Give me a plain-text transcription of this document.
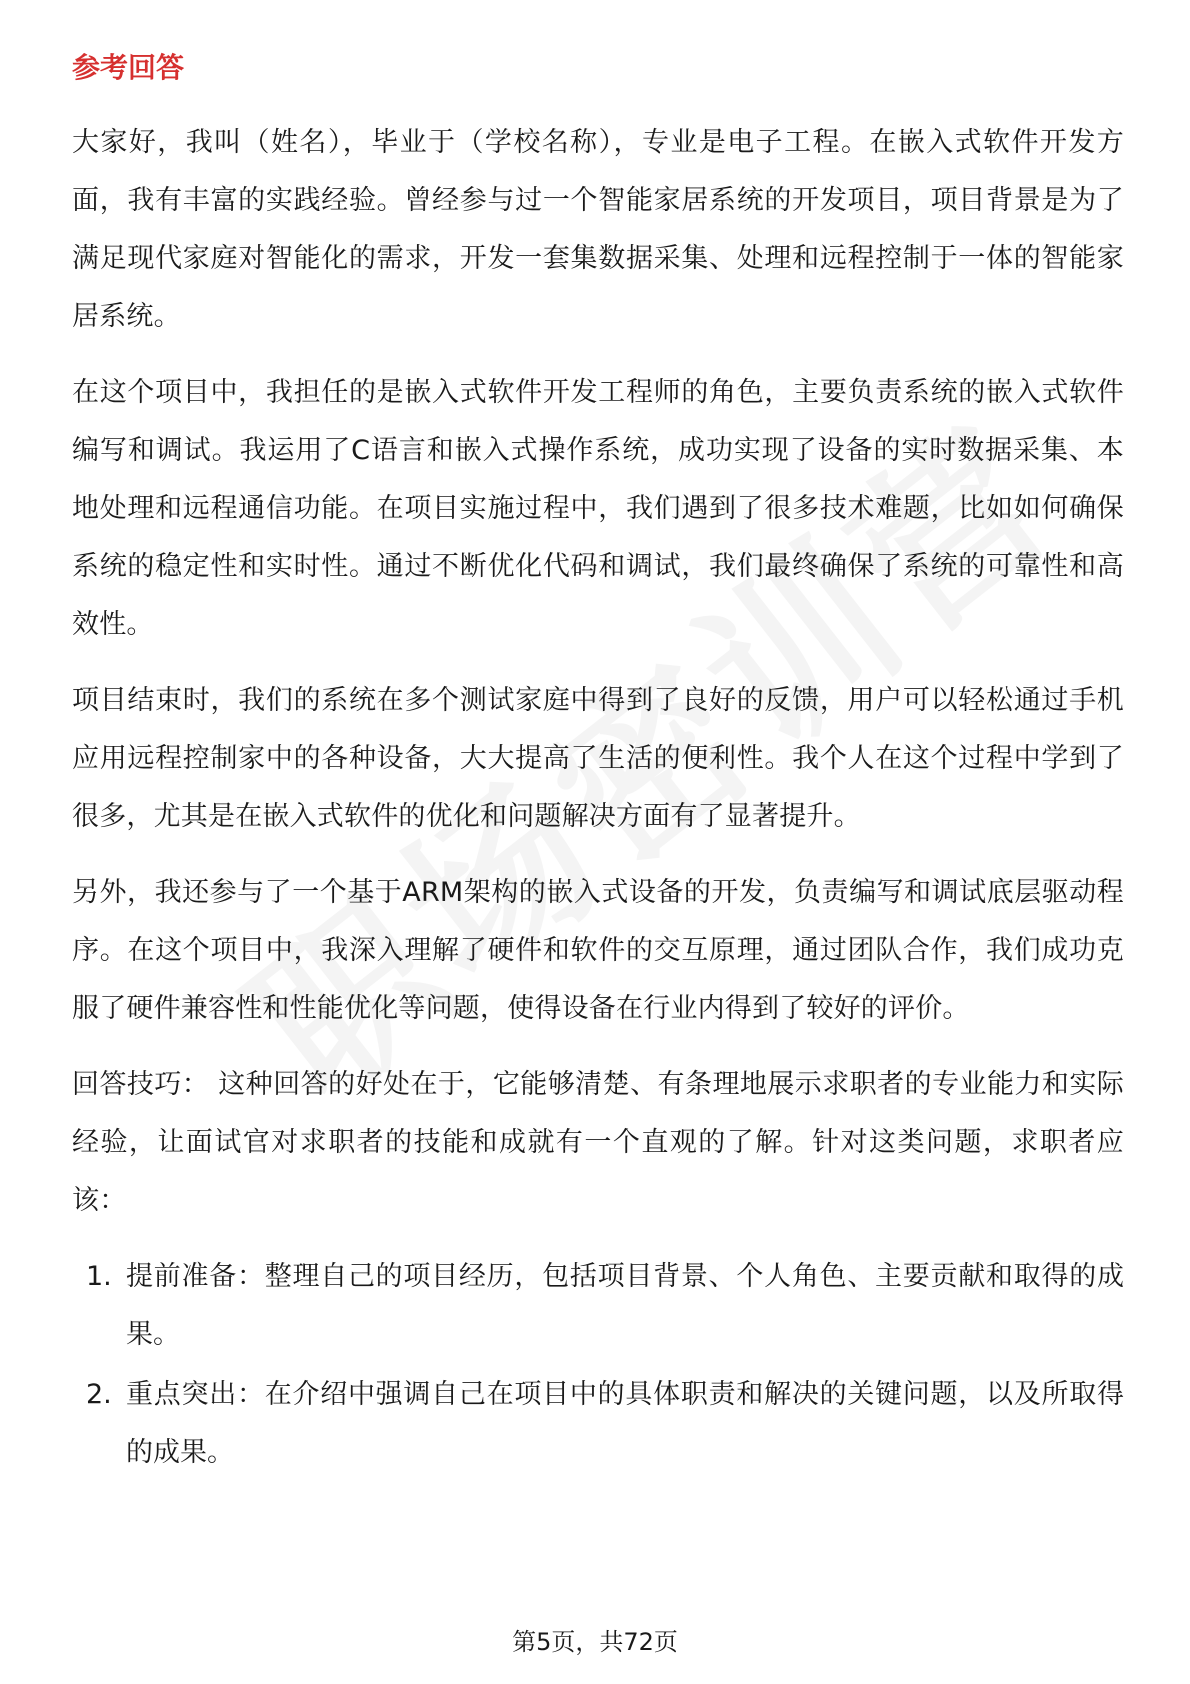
参考回答

大家好，我叫（姓名），毕业于（学校名称），专业是电子工程。在嵌入式软件开发方面，我有丰富的实践经验。曾经参与过一个智能家居系统的开发项目，项目背景是为了满足现代家庭对智能化的需求，开发一套集数据采集、处理和远程控制于一体的智能家居系统。

在这个项目中，我担任的是嵌入式软件开发工程师的角色，主要负责系统的嵌入式软件编写和调试。我运用了C语言和嵌入式操作系统，成功实现了设备的实时数据采集、本地处理和远程通信功能。在项目实施过程中，我们遇到了很多技术难题，比如如何确保系统的稳定性和实时性。通过不断优化代码和调试，我们最终确保了系统的可靠性和高效性。

项目结束时，我们的系统在多个测试家庭中得到了良好的反馈，用户可以轻松通过手机应用远程控制家中的各种设备，大大提高了生活的便利性。我个人在这个过程中学到了很多，尤其是在嵌入式软件的优化和问题解决方面有了显著提升。

另外，我还参与了一个基于ARM架构的嵌入式设备的开发，负责编写和调试底层驱动程序。在这个项目中，我深入理解了硬件和软件的交互原理，通过团队合作，我们成功克服了硬件兼容性和性能优化等问题，使得设备在行业内得到了较好的评价。

回答技巧： 这种回答的好处在于，它能够清楚、有条理地展示求职者的专业能力和实际经验，让面试官对求职者的技能和成就有一个直观的了解。针对这类问题，求职者应该：

1. 提前准备：整理自己的项目经历，包括项目背景、个人角色、主要贡献和取得的成果。
2. 重点突出：在介绍中强调自己在项目中的具体职责和解决的关键问题，以及所取得的成果。
第5页，共72页
